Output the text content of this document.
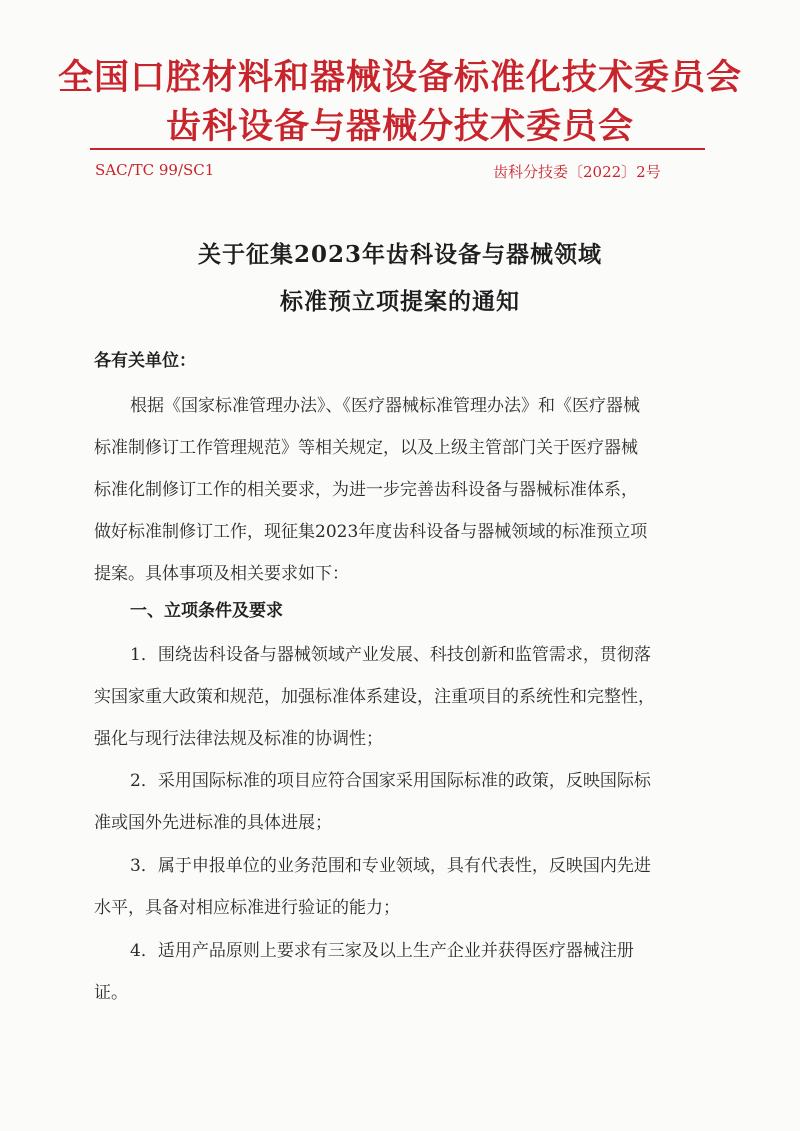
全国口腔材料和器械设备标准化技术委员会
齿科设备与器械分技术委员会
SAC/TC 99/SC1	齿科分技委〔2022〕2号
关于征集2023年齿科设备与器械领域
标准预立项提案的通知
各有关单位：
根据《国家标准管理办法》、《医疗器械标准管理办法》和《医疗器械
标准制修订工作管理规范》等相关规定，以及上级主管部门关于医疗器械
标准化制修订工作的相关要求，为进一步完善齿科设备与器械标准体系，
做好标准制修订工作，现征集2023年度齿科设备与器械领域的标准预立项
提案。具体事项及相关要求如下：
一、立项条件及要求
1．围绕齿科设备与器械领域产业发展、科技创新和监管需求，贯彻落
实国家重大政策和规范，加强标准体系建设，注重项目的系统性和完整性，
强化与现行法律法规及标准的协调性；
2．采用国际标准的项目应符合国家采用国际标准的政策，反映国际标
准或国外先进标准的具体进展；
3．属于申报单位的业务范围和专业领域，具有代表性，反映国内先进
水平，具备对相应标准进行验证的能力；
4．适用产品原则上要求有三家及以上生产企业并获得医疗器械注册
证。
